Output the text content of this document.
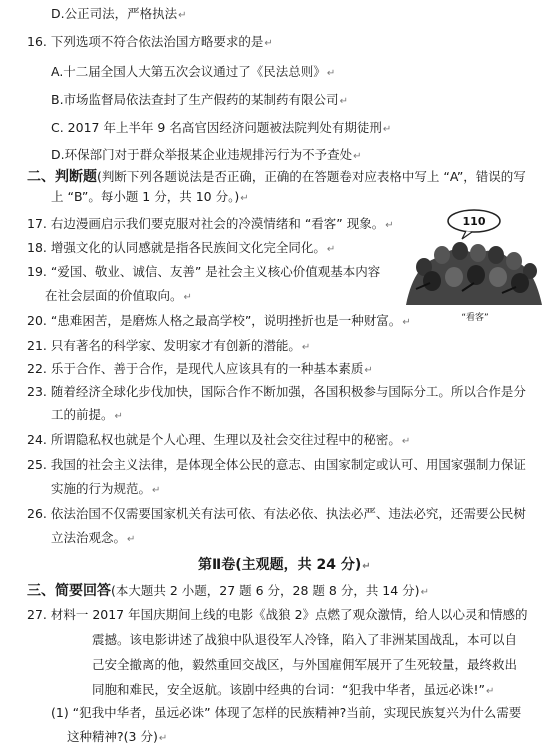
D.公正司法，严格执法↵
16. 下列选项不符合依法治国方略要求的是↵
A.十二届全国人大第五次会议通过了《民法总则》↵
B.市场监督局依法查封了生产假药的某制药有限公司↵
C. 2017 年上半年 9 名高官因经济问题被法院判处有期徒刑↵
D.环保部门对于群众举报某企业违规排污行为不予查处↵
二、判断题(判断下列各题说法是否正确，正确的在答题卷对应表格中写上 “A”，错误的写
上 “B”。每小题 1 分，共 10 分。)↵
17. 右边漫画启示我们要克服对社会的冷漠情绪和 “看客” 现象。↵
18. 增强文化的认同感就是指各民族间文化完全同化。↵
19. “爱国、敬业、诚信、友善” 是社会主义核心价值观基本内容
在社会层面的价值取向。↵
20. “患难困苦，是磨炼人格之最高学校”，说明挫折也是一种财富。↵
21. 只有著名的科学家、发明家才有创新的潜能。↵
22. 乐于合作、善于合作，是现代人应该具有的一种基本素质↵
23. 随着经济全球化步伐加快，国际合作不断加强，各国积极参与国际分工。所以合作是分
工的前提。↵
24. 所谓隐私权也就是个人心理、生理以及社会交往过程中的秘密。↵
25. 我国的社会主义法律，是体现全体公民的意志、由国家制定或认可、用国家强制力保证
实施的行为规范。↵
26. 依法治国不仅需要国家机关有法可依、有法必依、执法必严、违法必究，还需要公民树
立法治观念。↵
110
“看客”
第Ⅱ卷(主观题，共 24 分)↵
三、简要回答(本大题共 2 小题，27 题 6 分，28 题 8 分，共 14 分)↵
27. 材料一 2017 年国庆期间上线的电影《战狼 2》点燃了观众激情，给人以心灵和情感的
震撼。该电影讲述了战狼中队退役军人冷锋，陷入了非洲某国战乱，本可以自
己安全撤离的他，毅然重回交战区，与外国雇佣军展开了生死较量，最终救出
同胞和难民，安全返航。该剧中经典的台词：“犯我中华者，虽远必诛!”↵
(1) “犯我中华者，虽远必诛” 体现了怎样的民族精神?当前，实现民族复兴为什么需要
这种精神?(3 分)↵
